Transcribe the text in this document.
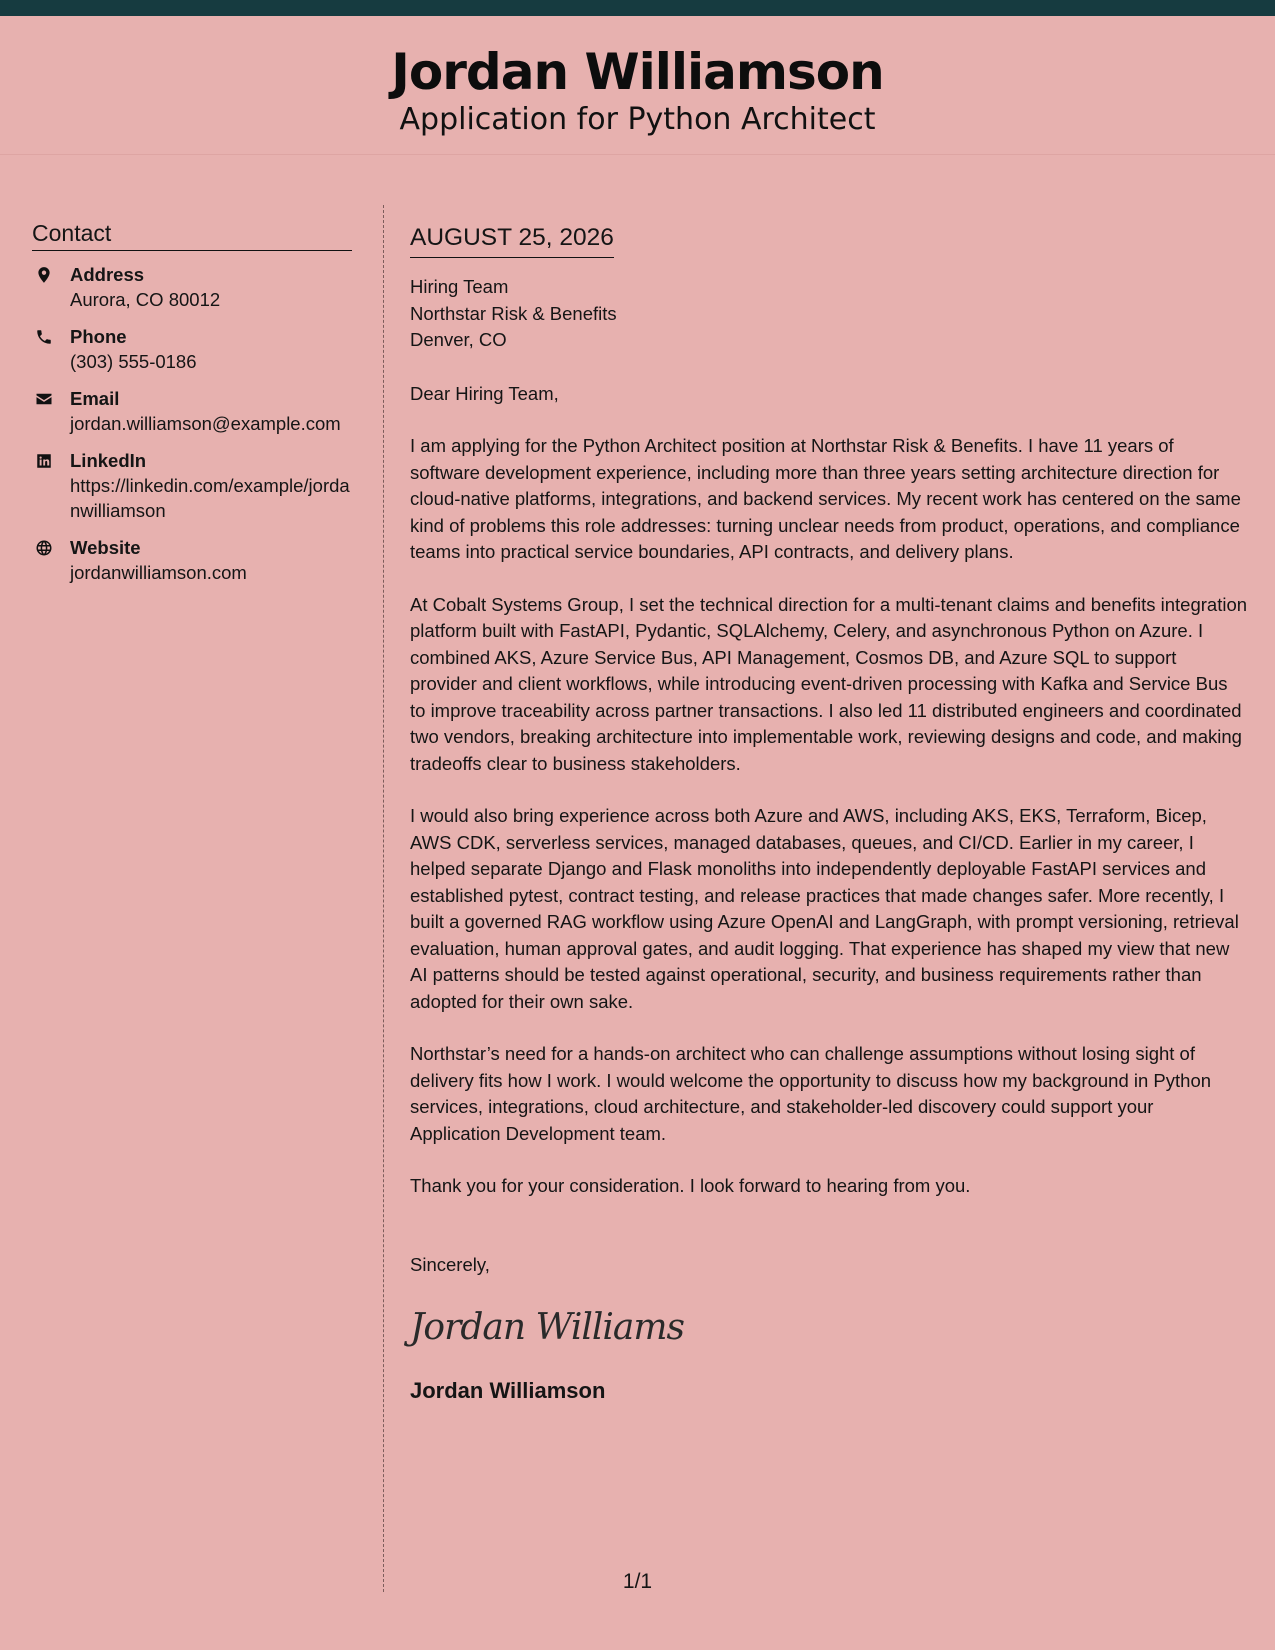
Jordan Williamson
Application for Python Architect
Contact
Address
Aurora, CO 80012
Phone
(303) 555-0186
Email
jordan.williamson@example.com
LinkedIn
https://linkedin.com/example/jordanwilliamson
Website
jordanwilliamson.com
AUGUST 25, 2026
Hiring Team
Northstar Risk & Benefits
Denver, CO
Dear Hiring Team,
I am applying for the Python Architect position at Northstar Risk & Benefits. I have 11 years of software development experience, including more than three years setting architecture direction for cloud-native platforms, integrations, and backend services. My recent work has centered on the same kind of problems this role addresses: turning unclear needs from product, operations, and compliance teams into practical service boundaries, API contracts, and delivery plans.
At Cobalt Systems Group, I set the technical direction for a multi-tenant claims and benefits integration platform built with FastAPI, Pydantic, SQLAlchemy, Celery, and asynchronous Python on Azure. I combined AKS, Azure Service Bus, API Management, Cosmos DB, and Azure SQL to support provider and client workflows, while introducing event-driven processing with Kafka and Service Bus to improve traceability across partner transactions. I also led 11 distributed engineers and coordinated two vendors, breaking architecture into implementable work, reviewing designs and code, and making tradeoffs clear to business stakeholders.
I would also bring experience across both Azure and AWS, including AKS, EKS, Terraform, Bicep, AWS CDK, serverless services, managed databases, queues, and CI/CD. Earlier in my career, I helped separate Django and Flask monoliths into independently deployable FastAPI services and established pytest, contract testing, and release practices that made changes safer. More recently, I built a governed RAG workflow using Azure OpenAI and LangGraph, with prompt versioning, retrieval evaluation, human approval gates, and audit logging. That experience has shaped my view that new AI patterns should be tested against operational, security, and business requirements rather than adopted for their own sake.
Northstar’s need for a hands-on architect who can challenge assumptions without losing sight of delivery fits how I work. I would welcome the opportunity to discuss how my background in Python services, integrations, cloud architecture, and stakeholder-led discovery could support your Application Development team.
Thank you for your consideration. I look forward to hearing from you.
Sincerely,
Jordan Williams
Jordan Williamson
1/1
